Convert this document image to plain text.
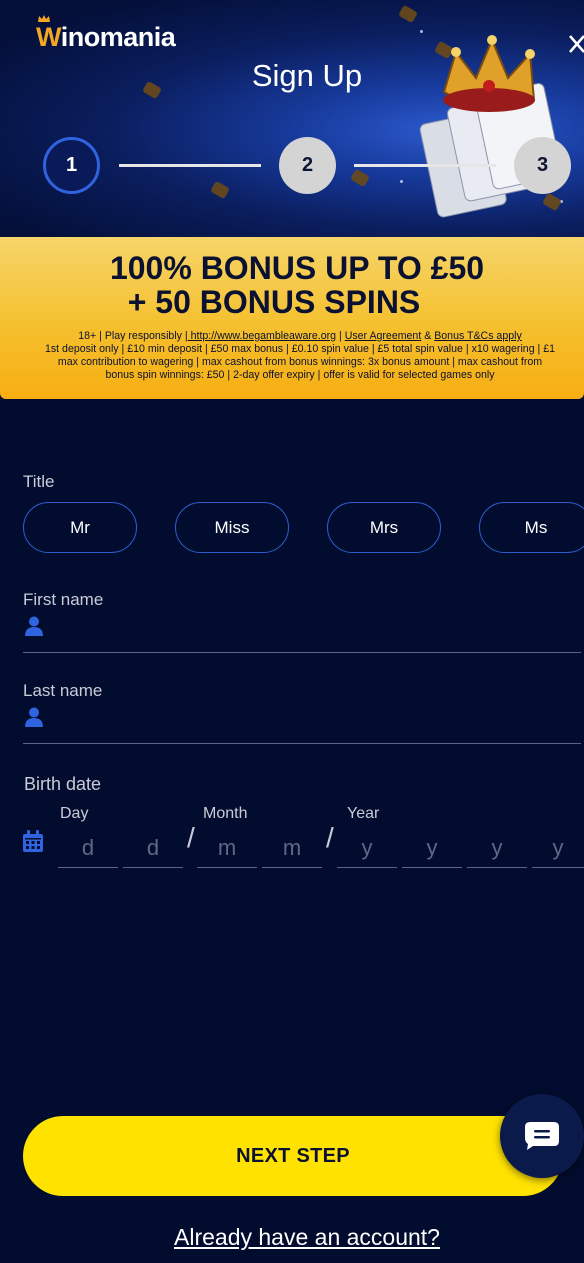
Winomania
Sign Up
1	2	3
100% BONUS UP TO £50
+ 50 BONUS SPINS
18+ | Play responsibly | http://www.begambleaware.org | User Agreement & Bonus T&Cs apply
1st deposit only | £10 min deposit | £50 max bonus | £0.10 spin value | £5 total spin value | x10 wagering | £1
max contribution to wagering | max cashout from bonus winnings: 3x bonus amount | max cashout from
bonus spin winnings: £50 | 2-day offer expiry | offer is valid for selected games only
Title
Mr	Miss	Mrs	Ms
First name
Last name
Birth date
Day	Month	Year
d	d /	m	m /	y	y	y	y
NEXT STEP
Already have an account?
